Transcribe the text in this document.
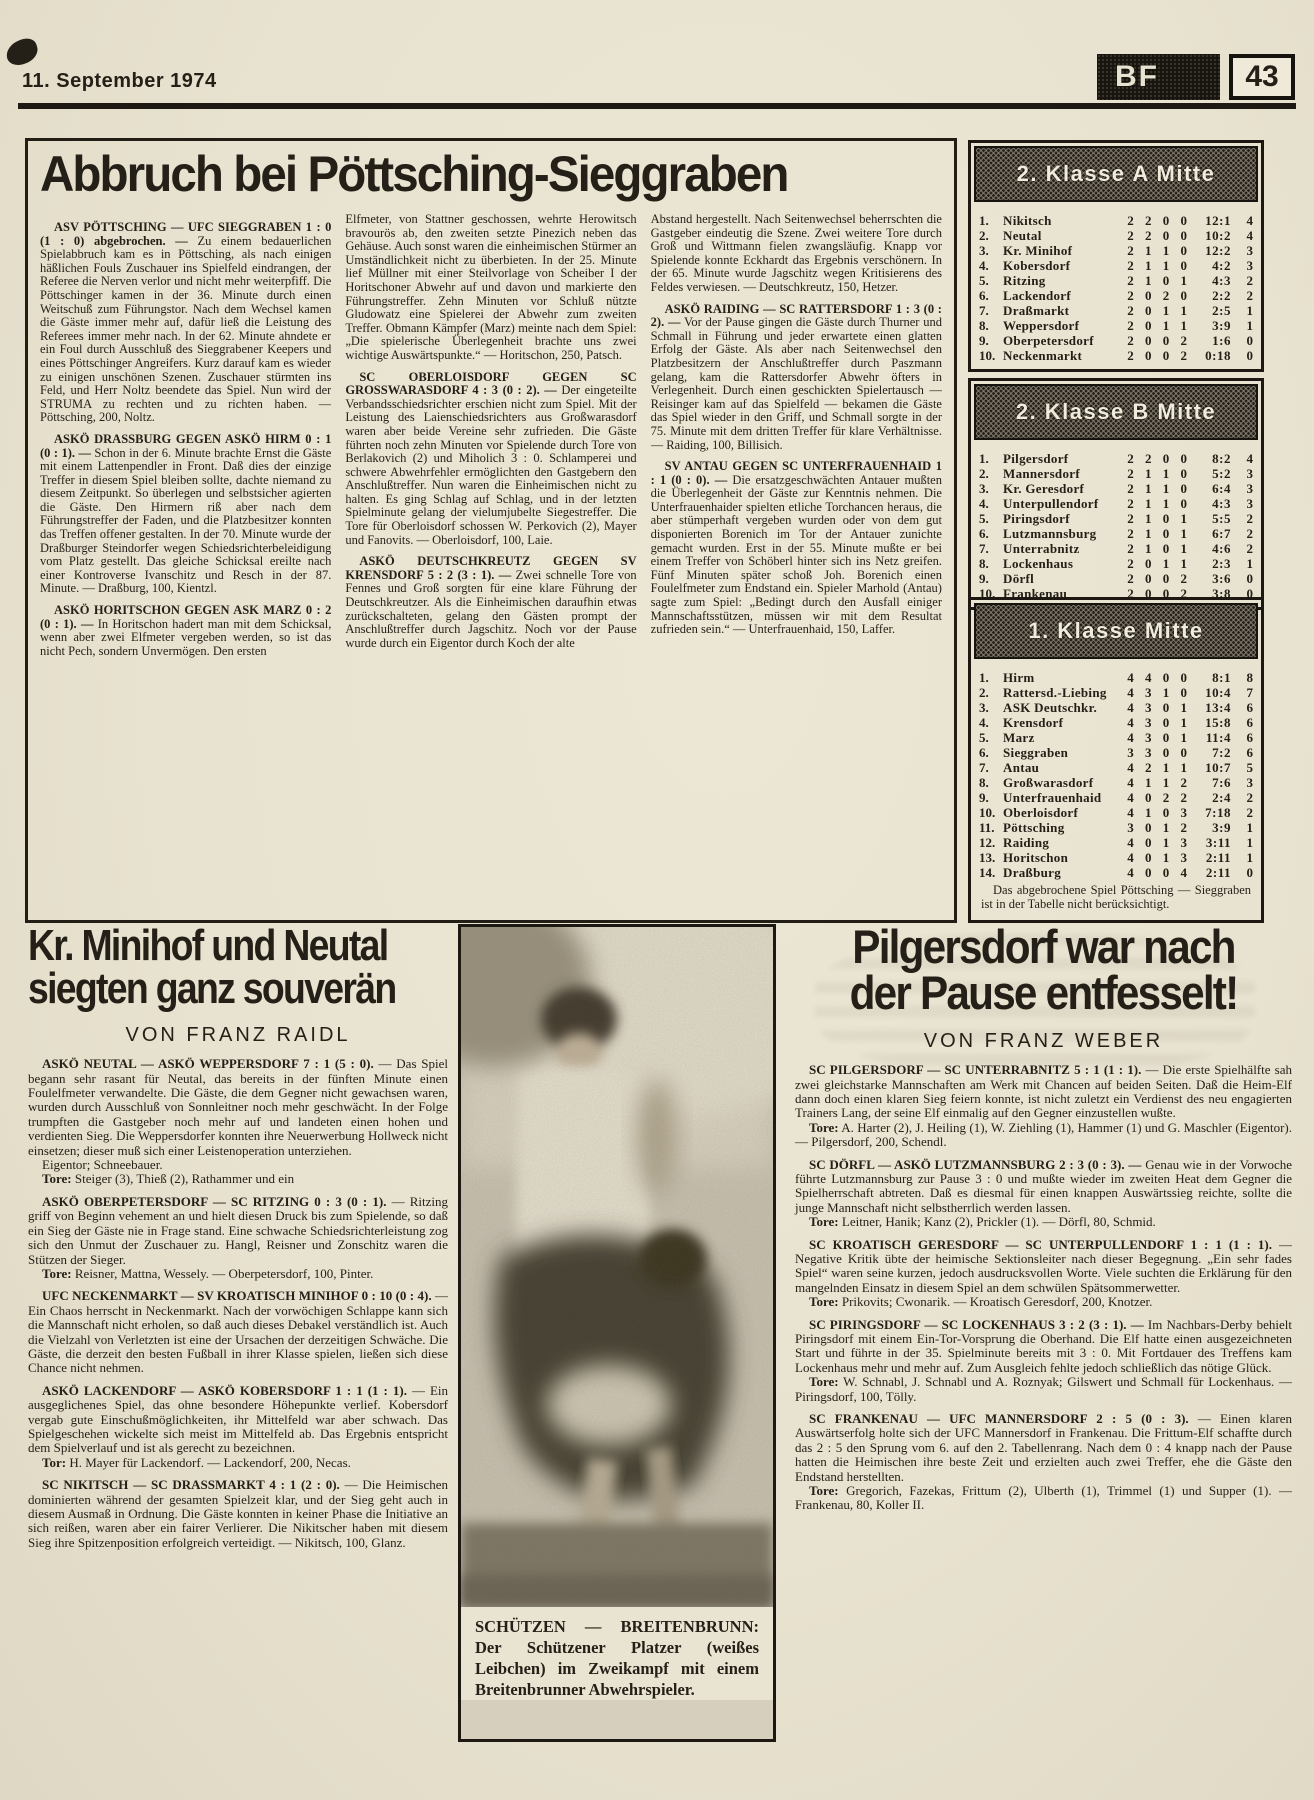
11. September 1974	BF	43
Abbruch bei Pöttsching-Sieggraben

ASV PÖTTSCHING — UFC SIEGGRABEN 1 : 0 (1 : 0) abgebrochen. — Zu einem bedauerlichen Spielabbruch kam es in Pöttsching, als nach einigen häßlichen Fouls Zuschauer ins Spielfeld eindrangen, der Referee die Nerven verlor und nicht mehr weiterpfiff. Die Pöttschinger kamen in der 36. Minute durch einen Weitschuß zum Führungstor. Nach dem Wechsel kamen die Gäste immer mehr auf, dafür ließ die Leistung des Referees immer mehr nach. In der 62. Minute ahndete er ein Foul durch Ausschluß des Sieggrabener Keepers und eines Pöttschinger Angreifers. Kurz darauf kam es wieder zu einigen unschönen Szenen. Zuschauer stürmten ins Feld, und Herr Noltz beendete das Spiel. Nun wird der STRUMA zu rechten und zu richten haben. — Pöttsching, 200, Noltz.

ASKÖ DRASSBURG GEGEN ASKÖ HIRM 0 : 1 (0 : 1). — Schon in der 6. Minute brachte Ernst die Gäste mit einem Lattenpendler in Front. Daß dies der einzige Treffer in diesem Spiel bleiben sollte, dachte niemand zu diesem Zeitpunkt. So überlegen und selbstsicher agierten die Gäste. Den Hirmern riß aber nach dem Führungstreffer der Faden, und die Platzbesitzer konnten das Treffen offener gestalten. In der 70. Minute wurde der Draßburger Steindorfer wegen Schiedsrichterbeleidigung vom Platz gestellt. Das gleiche Schicksal ereilte nach einer Kontroverse Ivanschitz und Resch in der 87. Minute. — Draßburg, 100, Kientzl.

ASKÖ HORITSCHON GEGEN ASK MARZ 0 : 2 (0 : 1). — In Horitschon hadert man mit dem Schicksal, wenn aber zwei Elfmeter vergeben werden, so ist das nicht Pech, sondern Unvermögen. Den ersten

Elfmeter, von Stattner geschossen, wehrte Herowitsch bravourös ab, den zweiten setzte Pinezich neben das Gehäuse. Auch sonst waren die einheimischen Stürmer an Umständlichkeit nicht zu überbieten. In der 25. Minute lief Müllner mit einer Steilvorlage von Scheiber I der Horitschoner Abwehr auf und davon und markierte den Führungstreffer. Zehn Minuten vor Schluß nützte Gludowatz eine Spielerei der Abwehr zum zweiten Treffer. Obmann Kämpfer (Marz) meinte nach dem Spiel: „Die spielerische Überlegenheit brachte uns zwei wichtige Auswärtspunkte.“ — Horitschon, 250, Patsch.

SC OBERLOISDORF GEGEN SC GROSSWARASDORF 4 : 3 (0 : 2). — Der eingeteilte Verbandsschiedsrichter erschien nicht zum Spiel. Mit der Leistung des Laienschiedsrichters aus Großwarasdorf waren aber beide Vereine sehr zufrieden. Die Gäste führten noch zehn Minuten vor Spielende durch Tore von Berlakovich (2) und Miholich 3 : 0. Schlamperei und schwere Abwehrfehler ermöglichten den Gastgebern den Anschlußtreffer. Nun waren die Einheimischen nicht zu halten. Es ging Schlag auf Schlag, und in der letzten Spielminute gelang der vielumjubelte Siegestreffer. Die Tore für Oberloisdorf schossen W. Perkovich (2), Mayer und Fanovits. — Oberloisdorf, 100, Laie.

ASKÖ DEUTSCHKREUTZ GEGEN SV KRENSDORF 5 : 2 (3 : 1). — Zwei schnelle Tore von Fennes und Groß sorgten für eine klare Führung der Deutschkreutzer. Als die Einheimischen daraufhin etwas zurückschalteten, gelang den Gästen prompt der Anschlußtreffer durch Jagschitz. Noch vor der Pause wurde durch ein Eigentor durch Koch der alte

Abstand hergestellt. Nach Seitenwechsel beherrschten die Gastgeber eindeutig die Szene. Zwei weitere Tore durch Groß und Wittmann fielen zwangsläufig. Knapp vor Spielende konnte Eckhardt das Ergebnis verschönern. In der 65. Minute wurde Jagschitz wegen Kritisierens des Feldes verwiesen. — Deutschkreutz, 150, Hetzer.

ASKÖ RAIDING — SC RATTERSDORF 1 : 3 (0 : 2). — Vor der Pause gingen die Gäste durch Thurner und Schmall in Führung und jeder erwartete einen glatten Erfolg der Gäste. Als aber nach Seitenwechsel den Platzbesitzern der Anschlußtreffer durch Paszmann gelang, kam die Rattersdorfer Abwehr öfters in Verlegenheit. Durch einen geschickten Spielertausch — Reisinger kam auf das Spielfeld — bekamen die Gäste das Spiel wieder in den Griff, und Schmall sorgte in der 75. Minute mit dem dritten Treffer für klare Verhältnisse. — Raiding, 100, Billisich.

SV ANTAU GEGEN SC UNTERFRAUENHAID 1 : 1 (0 : 0). — Die ersatzgeschwächten Antauer mußten die Überlegenheit der Gäste zur Kenntnis nehmen. Die Unterfrauenhaider spielten etliche Torchancen heraus, die aber stümperhaft vergeben wurden oder von dem gut disponierten Borenich im Tor der Antauer zunichte gemacht wurden. Erst in der 55. Minute mußte er bei einem Treffer von Schöberl hinter sich ins Netz greifen. Fünf Minuten später schoß Joh. Borenich einen Foulelfmeter zum Endstand ein. Spieler Marhold (Antau) sagte zum Spiel: „Bedingt durch den Ausfall einiger Mannschaftsstützen, müssen wir mit dem Resultat zufrieden sein.“ — Unterfrauenhaid, 150, Laffer.

2. Klasse A Mitte
1.	Nikitsch	2 2 0 0	12:1	4
2.	Neutal	2 2 0 0	10:2	4
3.	Kr. Minihof	2 1 1 0	12:2	3
4.	Kobersdorf	2 1 1 0	4:2	3
5.	Ritzing	2 1 0 1	4:3	2
6.	Lackendorf	2 0 2 0	2:2	2
7.	Draßmarkt	2 0 1 1	2:5	1
8.	Weppersdorf	2 0 1 1	3:9	1
9.	Oberpetersdorf	2 0 0 2	1:6	0
10. Neckenmarkt	2 0 0 2	0:18	0
2. Klasse B Mitte
1.	Pilgersdorf	2 2 0 0	8:2	4
2.	Mannersdorf	2 1 1 0	5:2	3
3.	Kr. Geresdorf	2 1 1 0	6:4	3
4.	Unterpullendorf	2 1 1 0	4:3	3
5.	Piringsdorf	2 1 0 1	5:5	2
6.	Lutzmannsburg	2 1 0 1	6:7	2
7.	Unterrabnitz	2 1 0 1	4:6	2
8.	Lockenhaus	2 0 1 1	2:3	1
9.	Dörfl	2 0 0 2	3:6	0
10. Frankenau	2 0 0 2	3:8	0
1. Klasse Mitte
1.	Hirm	4 4 0 0	8:1	8
2.	Rattersd.-Liebing	4 3 1 0	10:4	7
3.	ASK Deutschkr.	4 3 0 1	13:4	6
4.	Krensdorf	4 3 0 1	15:8	6
5.	Marz	4 3 0 1	11:4	6
6.	Sieggraben	3 3 0 0	7:2	6
7.	Antau	4 2 1 1	10:7	5
8.	Großwarasdorf	4 1 1 2	7:6	3
9.	Unterfrauenhaid	4 0 2 2	2:4	2
10. Oberloisdorf	4 1 0 3	7:18	2
11. Pöttsching	3 0 1 2	3:9	1
12. Raiding	4 0 1 3	3:11	1
13. Horitschon	4 0 1 3	2:11	1
14. Draßburg	4 0 0 4	2:11	0
Das abgebrochene Spiel Pöttsching — Sieggraben ist in der Tabelle nicht berücksichtigt.
Kr. Minihof und Neutal
siegten ganz souverän
VON FRANZ RAIDL

ASKÖ NEUTAL — ASKÖ WEPPERSDORF 7 : 1 (5 : 0). — Das Spiel begann sehr rasant für Neutal, das bereits in der fünften Minute einen Foulelfmeter verwandelte. Die Gäste, die dem Gegner nicht gewachsen waren, wurden durch Ausschluß von Sonnleitner noch mehr geschwächt. In der Folge trumpften die Gastgeber noch mehr auf und landeten einen hohen und verdienten Sieg. Die Weppersdorfer konnten ihre Neuerwerbung Hollweck nicht einsetzen; dieser muß sich einer Leistenoperation unterziehen.

Eigentor; Schneebauer.

Tore: Steiger (3), Thieß (2), Rathammer und ein

ASKÖ OBERPETERSDORF — SC RITZING 0 : 3 (0 : 1). — Ritzing griff von Beginn vehement an und hielt diesen Druck bis zum Spielende, so daß ein Sieg der Gäste nie in Frage stand. Eine schwache Schiedsrichterleistung zog sich den Unmut der Zuschauer zu. Hangl, Reisner und Zonschitz waren die Stützen der Sieger.

Tore: Reisner, Mattna, Wessely. — Oberpetersdorf, 100, Pinter.

UFC NECKENMARKT — SV KROATISCH MINIHOF 0 : 10 (0 : 4). — Ein Chaos herrscht in Neckenmarkt. Nach der vorwöchigen Schlappe kann sich die Mannschaft nicht erholen, so daß auch dieses Debakel verständlich ist. Auch die Vielzahl von Verletzten ist eine der Ursachen der derzeitigen Schwäche. Die Gäste, die derzeit den besten Fußball in ihrer Klasse spielen, ließen sich diese Chance nicht nehmen.

ASKÖ LACKENDORF — ASKÖ KOBERSDORF 1 : 1 (1 : 1). — Ein ausgeglichenes Spiel, das ohne besondere Höhepunkte verlief. Kobersdorf vergab gute Einschußmöglichkeiten, ihr Mittelfeld war aber schwach. Das Spielgeschehen wickelte sich meist im Mittelfeld ab. Das Ergebnis entspricht dem Spielverlauf und ist als gerecht zu bezeichnen.

Tor: H. Mayer für Lackendorf. — Lackendorf, 200, Necas.

SC NIKITSCH — SC DRASSMARKT 4 : 1 (2 : 0). — Die Heimischen dominierten während der gesamten Spielzeit klar, und der Sieg geht auch in diesem Ausmaß in Ordnung. Die Gäste konnten in keiner Phase die Initiative an sich reißen, waren aber ein fairer Verlierer. Die Nikitscher haben mit diesem Sieg ihre Spitzenposition erfolgreich verteidigt. — Nikitsch, 100, Glanz.

SCHÜTZEN — BREITENBRUNN: Der Schützener Platzer (weißes Leibchen) im Zweikampf mit einem Breitenbrunner Abwehrspieler.
Pilgersdorf war nach
der Pause entfesselt!
VON FRANZ WEBER

SC PILGERSDORF — SC UNTERRABNITZ 5 : 1 (1 : 1). — Die erste Spielhälfte sah zwei gleichstarke Mannschaften am Werk mit Chancen auf beiden Seiten. Daß die Heim-Elf dann doch einen klaren Sieg feiern konnte, ist nicht zuletzt ein Verdienst des neu engagierten Trainers Lang, der seine Elf einmalig auf den Gegner einzustellen wußte.

Tore: A. Harter (2), J. Heiling (1), W. Ziehling (1), Hammer (1) und G. Maschler (Eigentor). — Pilgersdorf, 200, Schendl.

SC DÖRFL — ASKÖ LUTZMANNSBURG 2 : 3 (0 : 3). — Genau wie in der Vorwoche führte Lutzmannsburg zur Pause 3 : 0 und mußte wieder im zweiten Heat dem Gegner die Spielherrschaft abtreten. Daß es diesmal für einen knappen Auswärtssieg reichte, sollte die junge Mannschaft nicht selbstherrlich werden lassen.

Tore: Leitner, Hanik; Kanz (2), Prickler (1). — Dörfl, 80, Schmid.

SC KROATISCH GERESDORF — SC UNTERPULLENDORF 1 : 1 (1 : 1). — Negative Kritik übte der heimische Sektionsleiter nach dieser Begegnung. „Ein sehr fades Spiel“ waren seine kurzen, jedoch ausdrucksvollen Worte. Viele suchten die Erklärung für den mangelnden Einsatz in diesem Spiel an dem schwülen Spätsommerwetter.

Tore: Prikovits; Cwonarik. — Kroatisch Geresdorf, 200, Knotzer.

SC PIRINGSDORF — SC LOCKENHAUS 3 : 2 (3 : 1). — Im Nachbars-Derby behielt Piringsdorf mit einem Ein-Tor-Vorsprung die Oberhand. Die Elf hatte einen ausgezeichneten Start und führte in der 35. Spielminute bereits mit 3 : 0. Mit Fortdauer des Treffens kam Lockenhaus mehr und mehr auf. Zum Ausgleich fehlte jedoch schließlich das nötige Glück.

Tore: W. Schnabl, J. Schnabl und A. Roznyak; Gilswert und Schmall für Lockenhaus. — Piringsdorf, 100, Tölly.

SC FRANKENAU — UFC MANNERSDORF 2 : 5 (0 : 3). — Einen klaren Auswärtserfolg holte sich der UFC Mannersdorf in Frankenau. Die Frittum-Elf schaffte durch das 2 : 5 den Sprung vom 6. auf den 2. Tabellenrang. Nach dem 0 : 4 knapp nach der Pause hatten die Heimischen ihre beste Zeit und erzielten auch zwei Treffer, ehe die Gäste den Endstand herstellten.

Tore: Gregorich, Fazekas, Frittum (2), Ulberth (1), Trimmel (1) und Supper (1). — Frankenau, 80, Koller II.
